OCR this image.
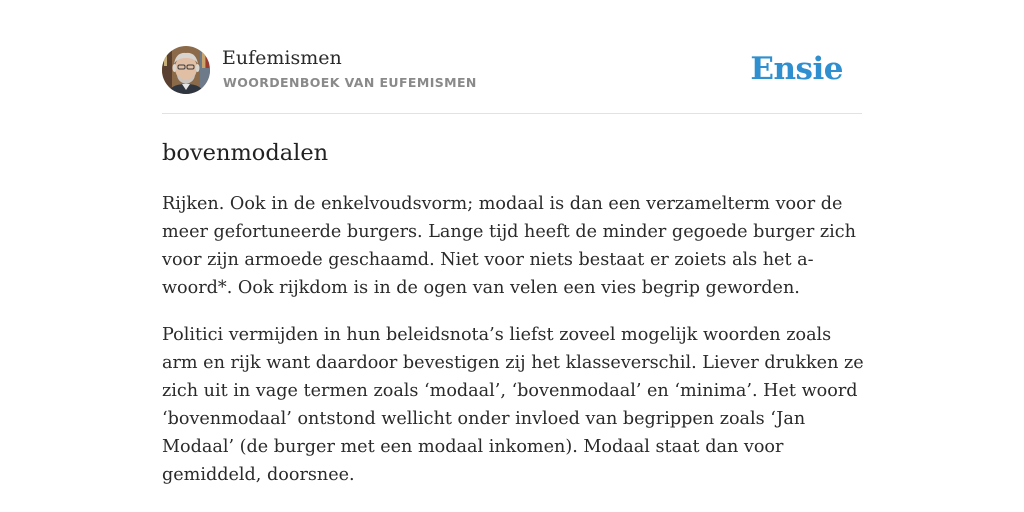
Eufemismen
WOORDENBOEK VAN EUFEMISMEN	Ensie
bovenmodalen

Rijken. Ook in de enkelvoudsvorm; modaal is dan een verzamelterm voor de meer gefortuneerde burgers. Lange tijd heeft de minder gegoede burger zich voor zijn armoede geschaamd. Niet voor niets bestaat er zoiets als het a-woord*. Ook rijkdom is in de ogen van velen een vies begrip geworden.

Politici vermijden in hun beleidsnota’s liefst zoveel mogelijk woorden zoals arm en rijk want daardoor bevestigen zij het klasseverschil. Liever drukken ze zich uit in vage termen zoals ‘modaal’, ‘bovenmodaal’ en ‘minima’. Het woord ‘bovenmodaal’ ontstond wellicht onder invloed van begrippen zoals ‘Jan Modaal’ (de burger met een modaal inkomen). Modaal staat dan voor gemiddeld, doorsnee.
